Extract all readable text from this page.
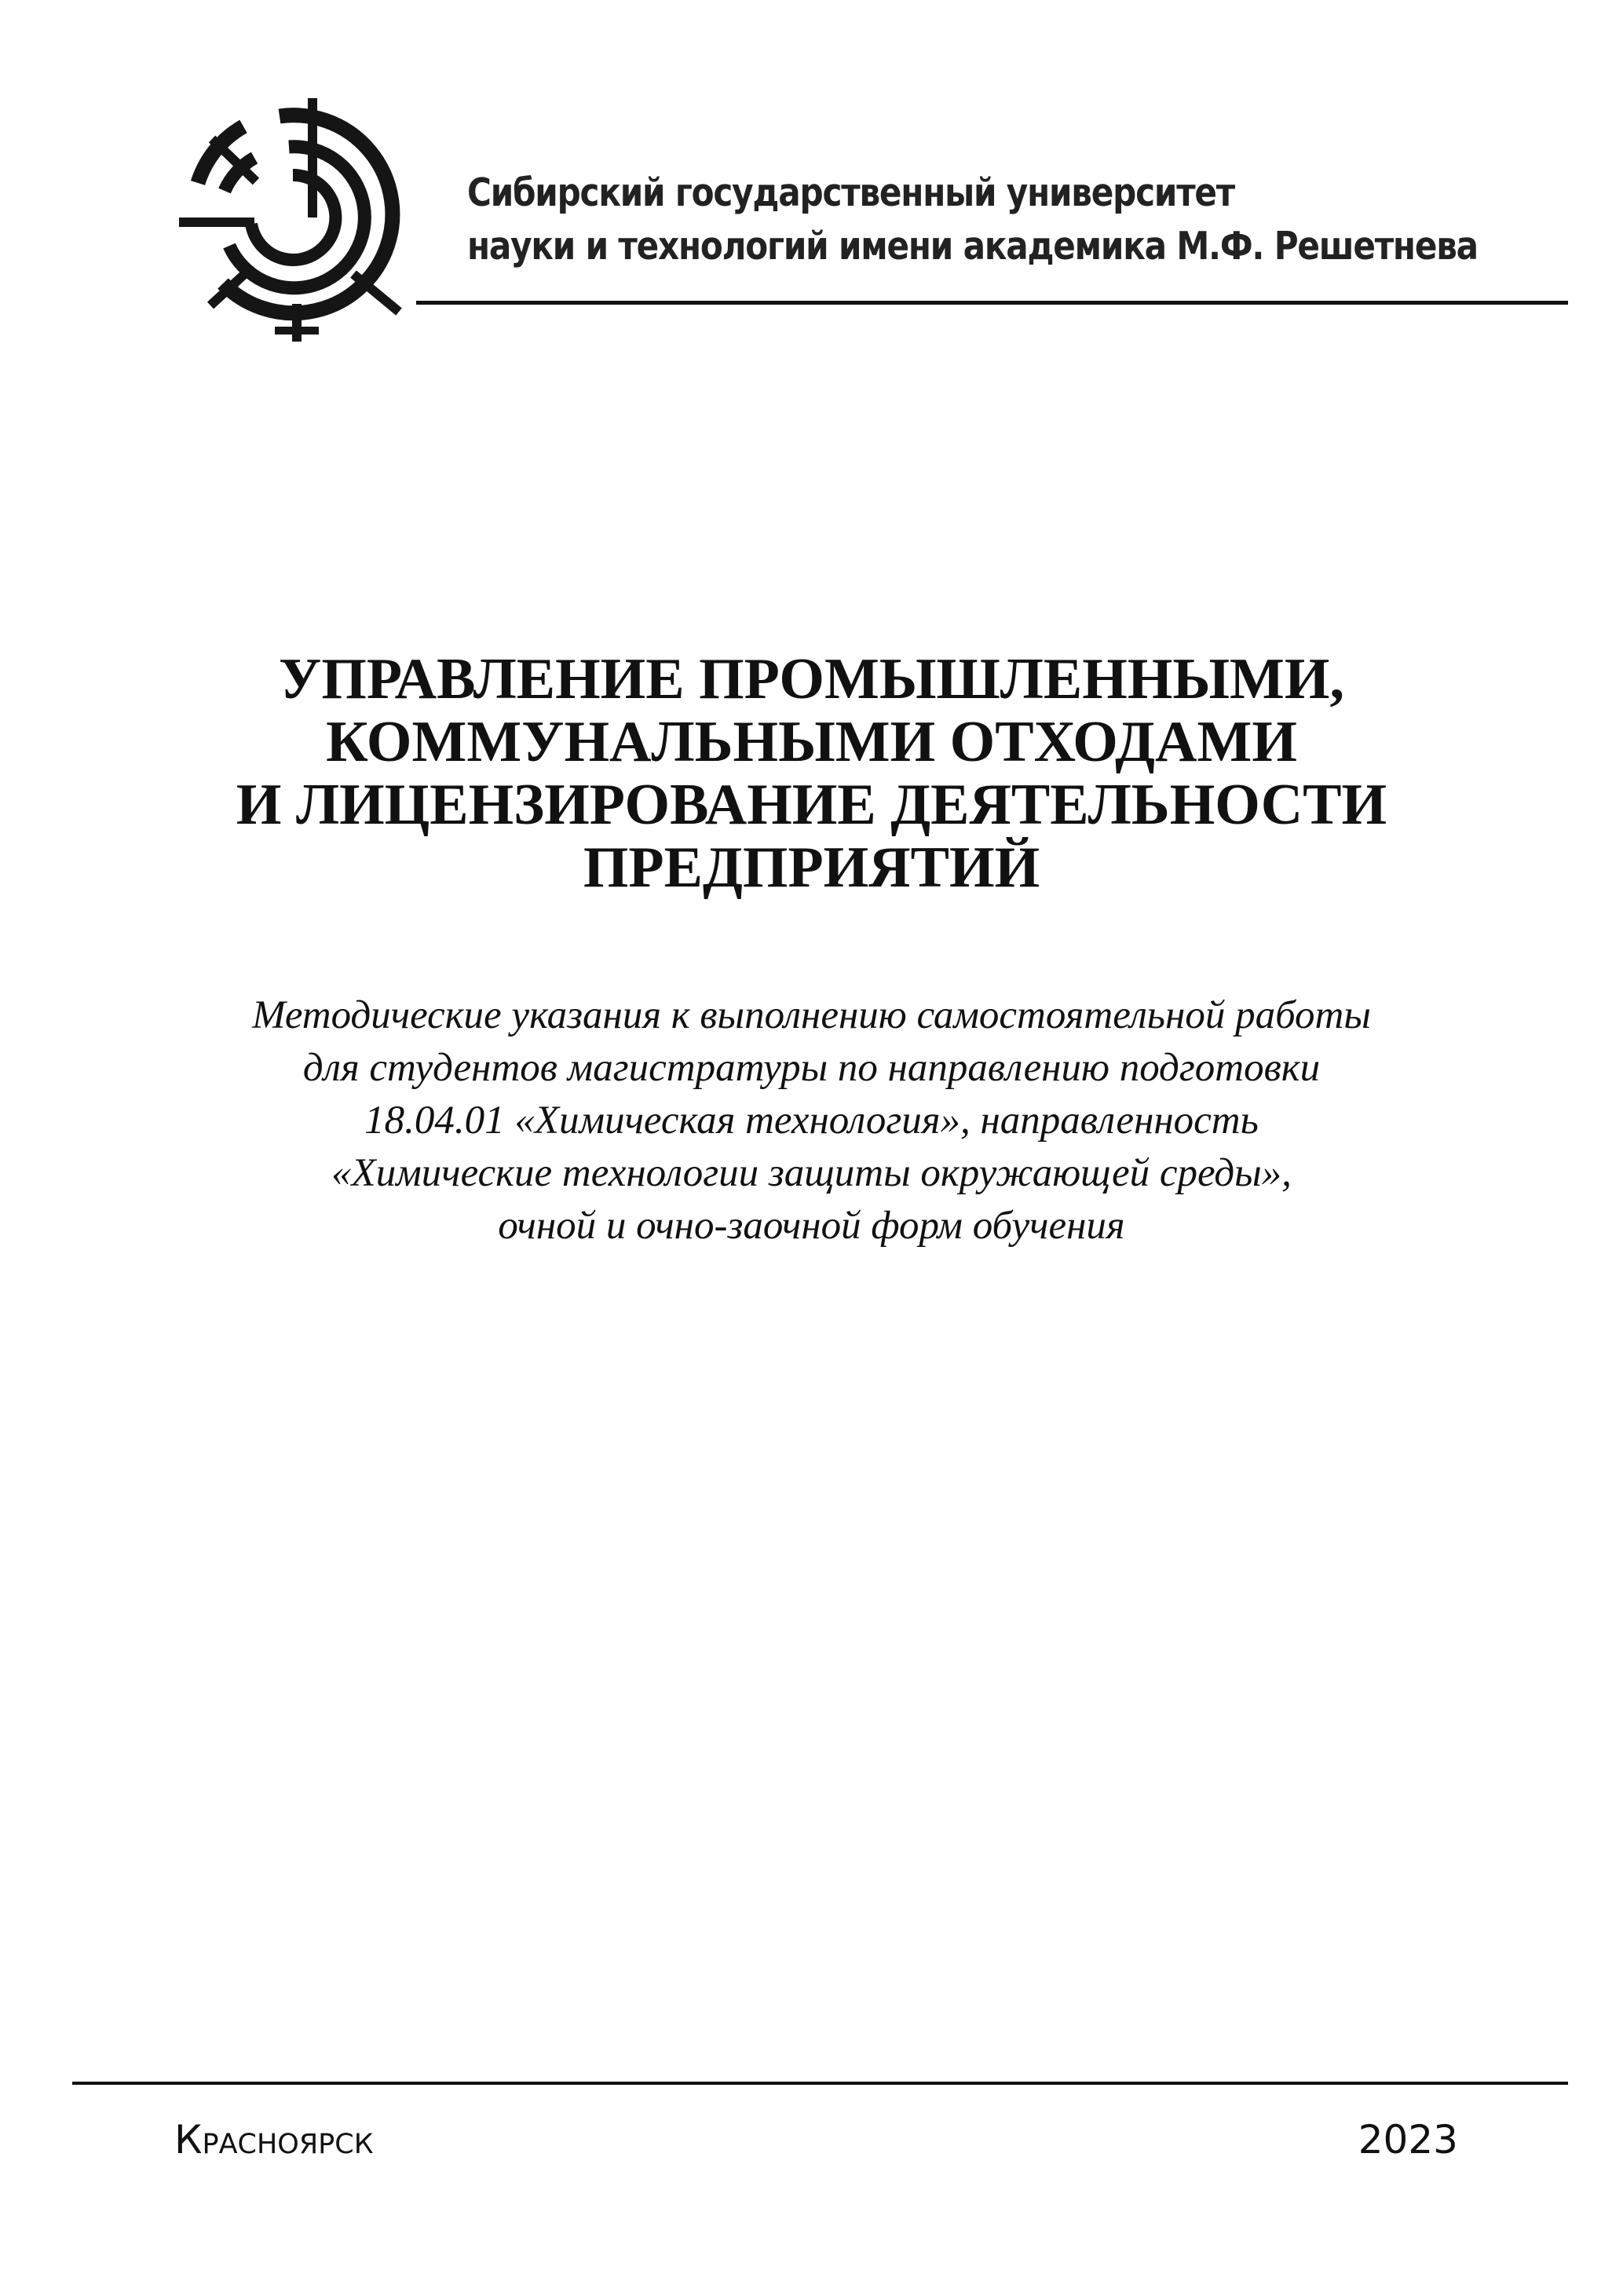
Сибирский государственный университет
науки и технологий имени академика М.Ф. Решетнева
УПРАВЛЕНИЕ ПРОМЫШЛЕННЫМИ,
КОММУНАЛЬНЫМИ ОТХОДАМИ
И ЛИЦЕНЗИРОВАНИЕ ДЕЯТЕЛЬНОСТИ
ПРЕДПРИЯТИЙ
Методические указания к выполнению самостоятельной работы
для студентов магистратуры по направлению подготовки
18.04.01 «Химическая технология», направленность
«Химические технологии защиты окружающей среды»,
очной и очно-заочной форм обучения
Красноярск	2023
